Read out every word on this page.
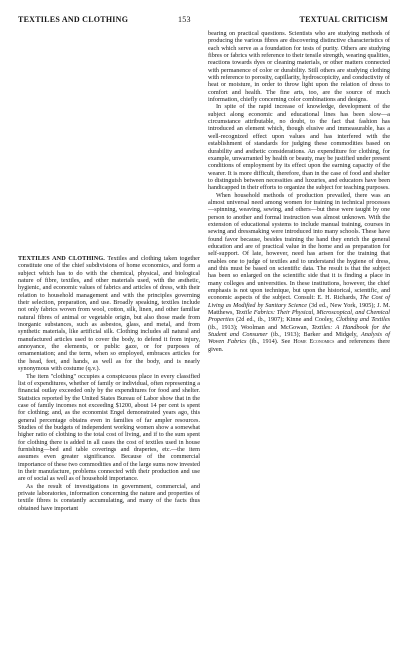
TEXTILES AND CLOTHING	153	TEXTUAL CRITICISM

TEXTILES AND CLOTHING. Textiles and clothing taken together constitute one of the chief subdivisions of home economics, and form a subject which has to do with the chemical, physical, and biological nature of fibre, textiles, and other materials used, with the æsthetic, hygienic, and economic values of fabrics and articles of dress, with their relation to household management and with the principles governing their selection, preparation, and use. Broadly speaking, textiles include not only fabrics woven from wool, cotton, silk, linen, and other familiar natural fibres of animal or vegetable origin, but also those made from inorganic substances, such as asbestos, glass, and metal, and from synthetic materials, like artificial silk. Clothing includes all natural and manufactured articles used to cover the body, to defend it from injury, annoyance, the elements, or public gaze, or for purposes of ornamentation; and the term, when so employed, embraces articles for the head, feet, and hands, as well as for the body, and is nearly synonymous with costume (q.v.).

The item "clothing" occupies a conspicuous place in every classified list of expenditures, whether of family or individual, often representing a financial outlay exceeded only by the expenditures for food and shelter. Statistics reported by the United States Bureau of Labor show that in the case of family incomes not exceeding $1200, about 14 per cent is spent for clothing; and, as the economist Engel demonstrated years ago, this general percentage obtains even in families of far ampler resources. Studies of the budgets of independent working women show a somewhat higher ratio of clothing to the total cost of living, and if to the sum spent for clothing there is added in all cases the cost of textiles used in house furnishing—bed and table coverings and draperies, etc.—the item assumes even greater significance. Because of the commercial importance of these two commodities and of the large sums now invested in their manufacture, problems connected with their production and use are of social as well as of household importance.

As the result of investigations in government, commercial, and private laboratories, information concerning the nature and properties of textile fibres is constantly accumulating, and many of the facts thus obtained have important

bearing on practical questions. Scientists who are studying methods of producing the various fibres are discovering distinctive characteristics of each which serve as a foundation for tests of purity. Others are studying fibres or fabrics with reference to their tensile strength, wearing qualities, reactions towards dyes or cleaning materials, or other matters connected with permanence of color or durability. Still others are studying clothing with reference to porosity, capillarity, hydroscopicity, and conductivity of heat or moisture, in order to throw light upon the relation of dress to comfort and health. The fine arts, too, are the source of much information, chiefly concerning color combinations and designs.

In spite of the rapid increase of knowledge, development of the subject along economic and educational lines has been slow—a circumstance attributable, no doubt, to the fact that fashion has introduced an element which, though elusive and immeasurable, has a well-recognized effect upon values and has interfered with the establishment of standards for judging these commodities based on durability and æsthetic considerations. An expenditure for clothing, for example, unwarranted by health or beauty, may be justified under present conditions of employment by its effect upon the earning capacity of the wearer. It is more difficult, therefore, than in the case of food and shelter to distinguish between necessities and luxuries, and educators have been handicapped in their efforts to organize the subject for teaching purposes.

When household methods of production prevailed, there was an almost universal need among women for training in technical processes—spinning, weaving, sewing, and others—but these were taught by one person to another and formal instruction was almost unknown. With the extension of educational systems to include manual training, courses in sewing and dressmaking were introduced into many schools. These have found favor because, besides training the hand they enrich the general education and are of practical value in the home and as preparation for self-support. Of late, however, need has arisen for the training that enables one to judge of textiles and to understand the hygiene of dress, and this must be based on scientific data. The result is that the subject has been so enlarged on the scientific side that it is finding a place in many colleges and universities. In these institutions, however, the chief emphasis is not upon technique, but upon the historical, scientific, and economic aspects of the subject. Consult: E. H. Richards, The Cost of Living as Modified by Sanitary Science (3d ed., New York, 1905); J. M. Matthews, Textile Fabrics: Their Physical, Microscopical, and Chemical Properties (2d ed., ib., 1907); Kinne and Cooley, Clothing and Textiles (ib., 1913); Woolman and McGowan, Textiles: A Handbook for the Student and Consumer (ib., 1913); Barker and Midgely, Analysis of Woven Fabrics (ib., 1914). See Home Economics and references there given.
